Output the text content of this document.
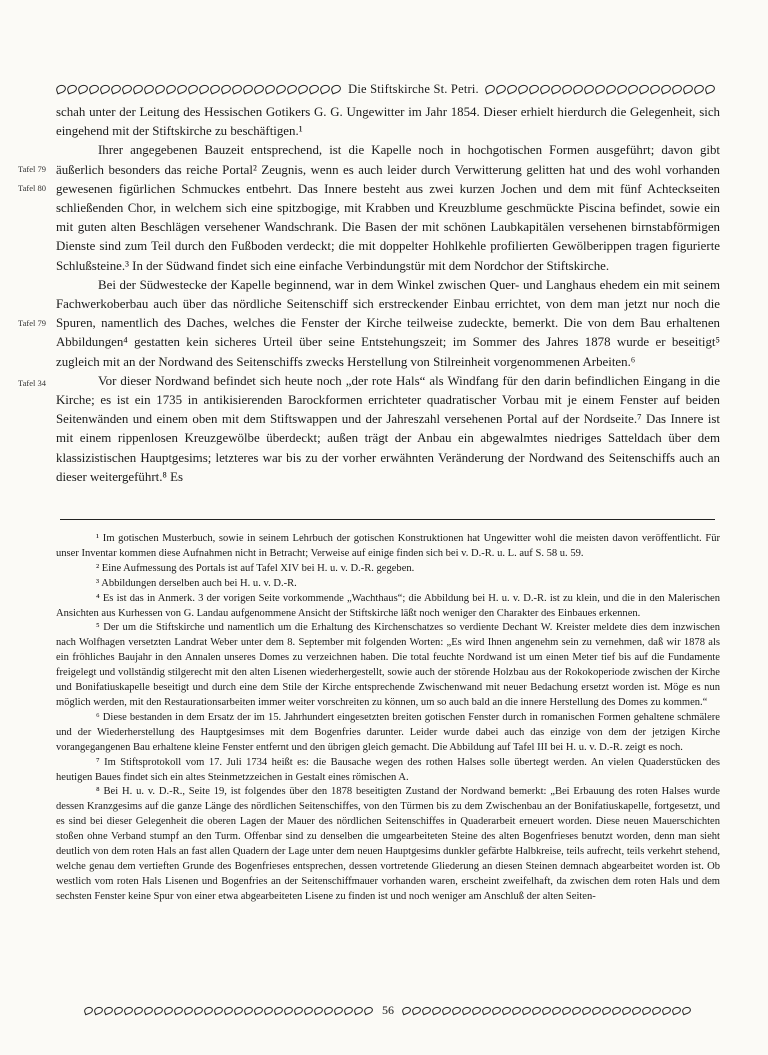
Die Stiftskirche St. Petri.

schah unter der Leitung des Hessischen Gotikers G. G. Ungewitter im Jahr 1854. Dieser erhielt hierdurch die Gelegenheit, sich eingehend mit der Stiftskirche zu beschäftigen.¹

Tafel 79
Tafel 80
Ihrer angegebenen Bauzeit entsprechend, ist die Kapelle noch in hochgotischen Formen ausgeführt; davon gibt äußerlich besonders das reiche Portal² Zeugnis, wenn es auch leider durch Verwitterung gelitten hat und des wohl vorhanden gewesenen figürlichen Schmuckes entbehrt. Das Innere besteht aus zwei kurzen Jochen und dem mit fünf Achteckseiten schließenden Chor, in welchem sich eine spitzbogige, mit Krabben und Kreuzblume geschmückte Piscina befindet, sowie ein mit guten alten Beschlägen versehener Wandschrank. Die Basen der mit schönen Laubkapitälen versehenen birnstabförmigen Dienste sind zum Teil durch den Fußboden verdeckt; die mit doppelter Hohlkehle profilierten Gewölberippen tragen figurierte Schlußsteine.³ In der Südwand findet sich eine einfache Verbindungstür mit dem Nordchor der Stiftskirche.

Tafel 79
Bei der Südwestecke der Kapelle beginnend, war in dem Winkel zwischen Quer- und Langhaus ehedem ein mit seinem Fachwerkoberbau auch über das nördliche Seitenschiff sich erstreckender Einbau errichtet, von dem man jetzt nur noch die Spuren, namentlich des Daches, welches die Fenster der Kirche teilweise zudeckte, bemerkt. Die von dem Bau erhaltenen Abbildungen⁴ gestatten kein sicheres Urteil über seine Entstehungszeit; im Sommer des Jahres 1878 wurde er beseitigt⁵ zugleich mit an der Nordwand des Seitenschiffs zwecks Herstellung von Stilreinheit vorgenommenen Arbeiten.⁶

Tafel 34	Vor dieser Nordwand befindet sich heute noch „der rote Hals“ als Windfang für den darin befindlichen Eingang in die Kirche; es ist ein 1735 in antikisierenden Barockformen errichteter quadratischer Vorbau mit je einem Fenster auf beiden Seitenwänden und einem oben mit dem Stiftswappen und der Jahreszahl versehenen Portal auf der Nordseite.⁷ Das Innere ist mit einem rippenlosen Kreuzgewölbe überdeckt; außen trägt der Anbau ein abgewalmtes niedriges Satteldach über dem klassizistischen Hauptgesims; letzteres war bis zu der vorher erwähnten Veränderung der Nordwand des Seitenschiffs auch an dieser weitergeführt.⁸ Es

¹ Im gotischen Musterbuch, sowie in seinem Lehrbuch der gotischen Konstruktionen hat Ungewitter wohl die meisten davon veröffentlicht. Für unser Inventar kommen diese Aufnahmen nicht in Betracht; Verweise auf einige finden sich bei v. D.-R. u. L. auf S. 58 u. 59.

² Eine Aufmessung des Portals ist auf Tafel XIV bei H. u. v. D.-R. gegeben.

³ Abbildungen derselben auch bei H. u. v. D.-R.

⁴ Es ist das in Anmerk. 3 der vorigen Seite vorkommende „Wachthaus“; die Abbildung bei H. u. v. D.-R. ist zu klein, und die in den Malerischen Ansichten aus Kurhessen von G. Landau aufgenommene Ansicht der Stiftskirche läßt noch weniger den Charakter des Einbaues erkennen.

⁵ Der um die Stiftskirche und namentlich um die Erhaltung des Kirchenschatzes so verdiente Dechant W. Kreister meldete dies dem inzwischen nach Wolfhagen versetzten Landrat Weber unter dem 8. September mit folgenden Worten: „Es wird Ihnen angenehm sein zu vernehmen, daß wir 1878 als ein fröhliches Baujahr in den Annalen unseres Domes zu verzeichnen haben. Die total feuchte Nordwand ist um einen Meter tief bis auf die Fundamente freigelegt und vollständig stilgerecht mit den alten Lisenen wiederhergestellt, sowie auch der störende Holzbau aus der Rokokoperiode zwischen der Kirche und Bonifatiuskapelle beseitigt und durch eine dem Stile der Kirche entsprechende Zwischenwand mit neuer Bedachung ersetzt worden ist. Möge es nun möglich werden, mit den Restaurationsarbeiten immer weiter vorschreiten zu können, um so auch bald an die innere Herstellung des Domes zu kommen.“

⁶ Diese bestanden in dem Ersatz der im 15. Jahrhundert eingesetzten breiten gotischen Fenster durch in romanischen Formen gehaltene schmälere und der Wiederherstellung des Hauptgesimses mit dem Bogenfries darunter. Leider wurde dabei auch das einzige von dem der jetzigen Kirche vorangegangenen Bau erhaltene kleine Fenster entfernt und den übrigen gleich gemacht. Die Abbildung auf Tafel III bei H. u. v. D.-R. zeigt es noch.

⁷ Im Stiftsprotokoll vom 17. Juli 1734 heißt es: die Bausache wegen des rothen Halses solle übertegt werden. An vielen Quaderstücken des heutigen Baues findet sich ein altes Steinmetzzeichen in Gestalt eines römischen A.

⁸ Bei H. u. v. D.-R., Seite 19, ist folgendes über den 1878 beseitigten Zustand der Nordwand bemerkt: „Bei Erbauung des roten Halses wurde dessen Kranzgesims auf die ganze Länge des nördlichen Seitenschiffes, von den Türmen bis zu dem Zwischenbau an der Bonifatiuskapelle, fortgesetzt, und es sind bei dieser Gelegenheit die oberen Lagen der Mauer des nördlichen Seitenschiffes in Quaderarbeit erneuert worden. Diese neuen Mauerschichten stoßen ohne Verband stumpf an den Turm. Offenbar sind zu denselben die umgearbeiteten Steine des alten Bogenfrieses benutzt worden, denn man sieht deutlich von dem roten Hals an fast allen Quadern der Lage unter dem neuen Hauptgesims dunkler gefärbte Halbkreise, teils aufrecht, teils verkehrt stehend, welche genau dem vertieften Grunde des Bogenfrieses entsprechen, dessen vortretende Gliederung an diesen Steinen demnach abgearbeitet worden ist. Ob westlich vom roten Hals Lisenen und Bogenfries an der Seitenschiffmauer vorhanden waren, erscheint zweifelhaft, da zwischen dem roten Hals und dem sechsten Fenster keine Spur von einer etwa abgearbeiteten Lisene zu finden ist und noch weniger am Anschluß der alten Seiten-

56
